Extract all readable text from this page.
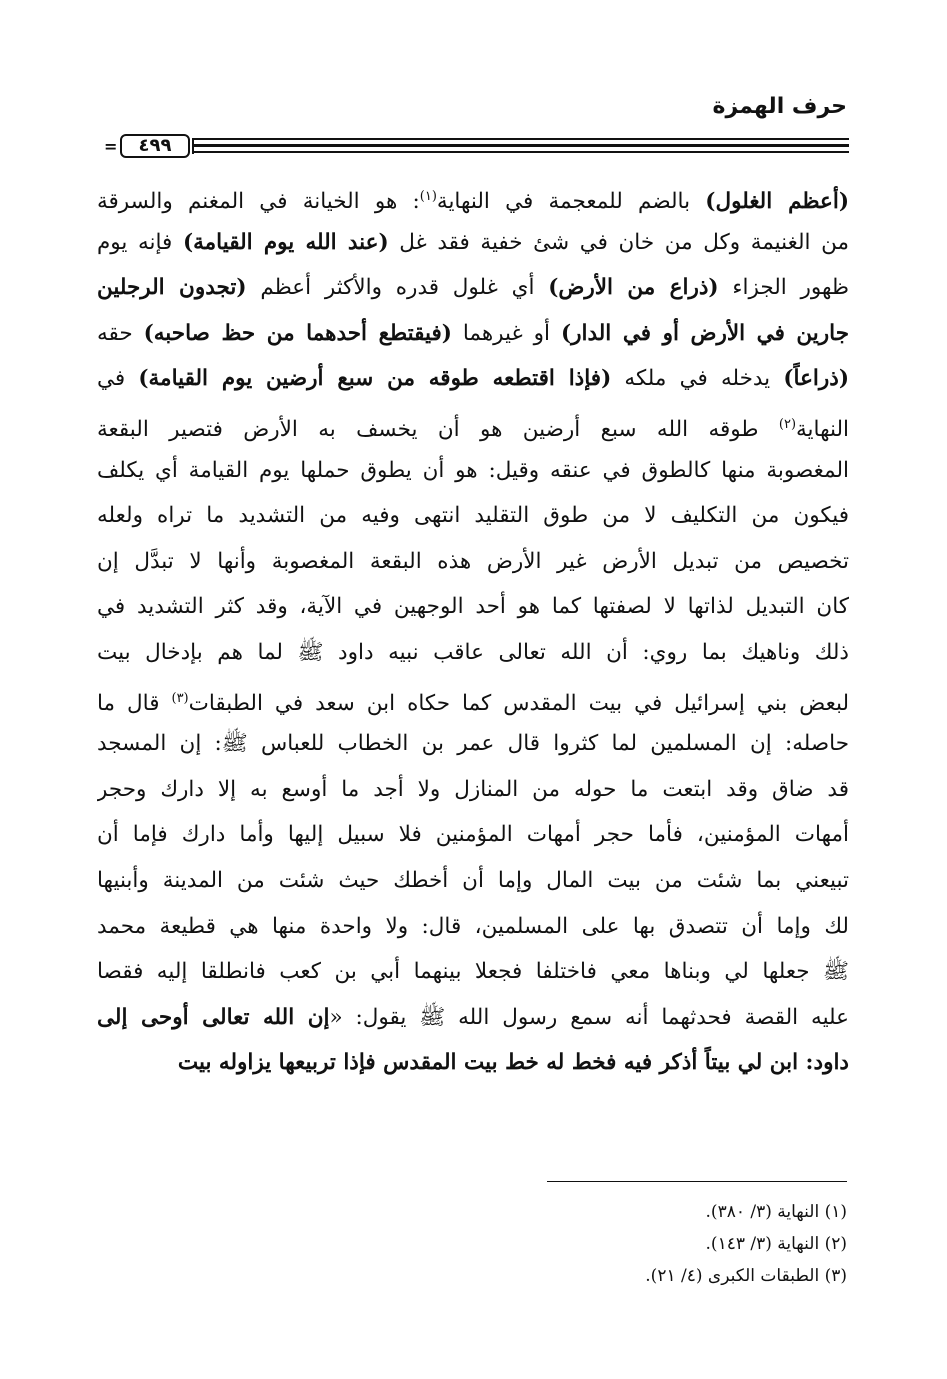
حرف الهمزة
=	٤٩٩
(أعظم الغلول) بالضم للمعجمة في النهاية$^{(١)}$: هو الخيانة في المغنم والسرقة
من الغنيمة وكل من خان في شئ خفية فقد غل (عند الله يوم القيامة) فإنه يوم
ظهور الجزاء (ذراع من الأرض) أي غلول قدره والأكثر أعظم (تجدون الرجلين
جارين في الأرض أو في الدار) أو غيرهما (فيقتطع أحدهما من حظ صاحبه) حقه
(ذراعاً) يدخله في ملكه (فإذا اقتطعه طوقه من سبع أرضين يوم القيامة) في
النهاية$^{(٢)}$ طوقه الله سبع أرضين هو أن يخسف به الأرض فتصير البقعة
المغصوبة منها كالطوق في عنقه وقيل: هو أن يطوق حملها يوم القيامة أي يكلف
فيكون من التكليف لا من طوق التقليد انتهى وفيه من التشديد ما تراه ولعله
تخصيص من تبديل الأرض غير الأرض هذه البقعة المغصوبة وأنها لا تبدَّل إن
كان التبديل لذاتها لا لصفتها كما هو أحد الوجهين في الآية، وقد كثر التشديد في
ذلك وناهيك بما روي: أن الله تعالى عاقب نبيه داود ﷺ لما هم بإدخال بيت
لبعض بني إسرائيل في بيت المقدس كما حكاه ابن سعد في الطبقات$^{(٣)}$ قال ما
حاصله: إن المسلمين لما كثروا قال عمر بن الخطاب للعباس ﷺ: إن المسجد
قد ضاق وقد ابتعت ما حوله من المنازل ولا أجد ما أوسع به إلا دارك وحجر
أمهات المؤمنين، فأما حجر أمهات المؤمنين فلا سبيل إليها وأما دارك فإما أن
تبيعني بما شئت من بيت المال وإما أن أخطك حيث شئت من المدينة وأبنيها
لك وإما أن تتصدق بها على المسلمين، قال: ولا واحدة منها هي قطيعة محمد
ﷺ جعلها لي وبناها معي فاختلفا فجعلا بينهما أبي بن كعب فانطلقا إليه فقصا
عليه القصة فحدثهما أنه سمع رسول الله ﷺ يقول: «إن الله تعالى أوحى إلى
داود: ابن لي بيتاً أذكر فيه فخط له خط بيت المقدس فإذا تربيعها يزاوله بيت
(١) النهاية (٣/ ٣٨٠).
(٢) النهاية (٣/ ١٤٣).
(٣) الطبقات الكبرى (٤/ ٢١).
